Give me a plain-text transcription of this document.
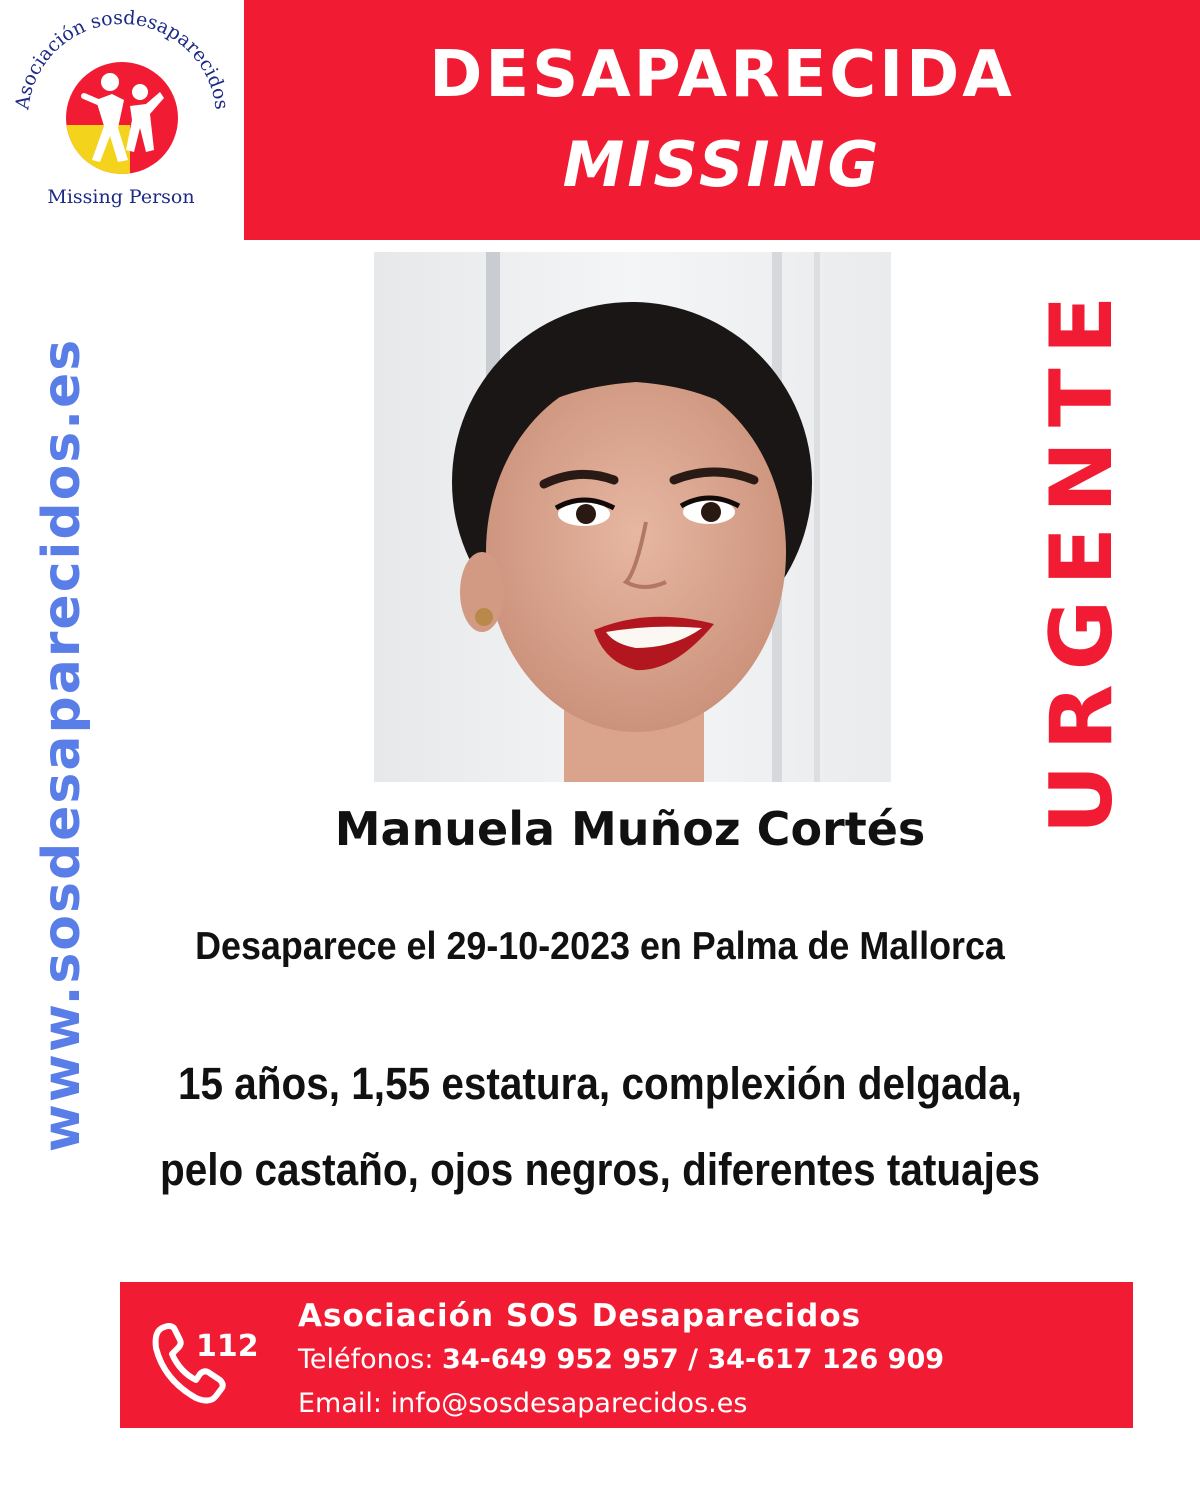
Asociación sosdesaparecidos
Missing Person
DESAPARECIDA
MISSING
www.sosdesaparecidos.es	URGENTE
Manuela Muñoz Cortés
Desaparece el 29-10-2023 en Palma de Mallorca
15 años, 1,55 estatura, complexión delgada,
pelo castaño, ojos negros, diferentes tatuajes
112
Asociación SOS Desaparecidos
Teléfonos: 34-649 952 957 / 34-617 126 909
Email: info@sosdesaparecidos.es
